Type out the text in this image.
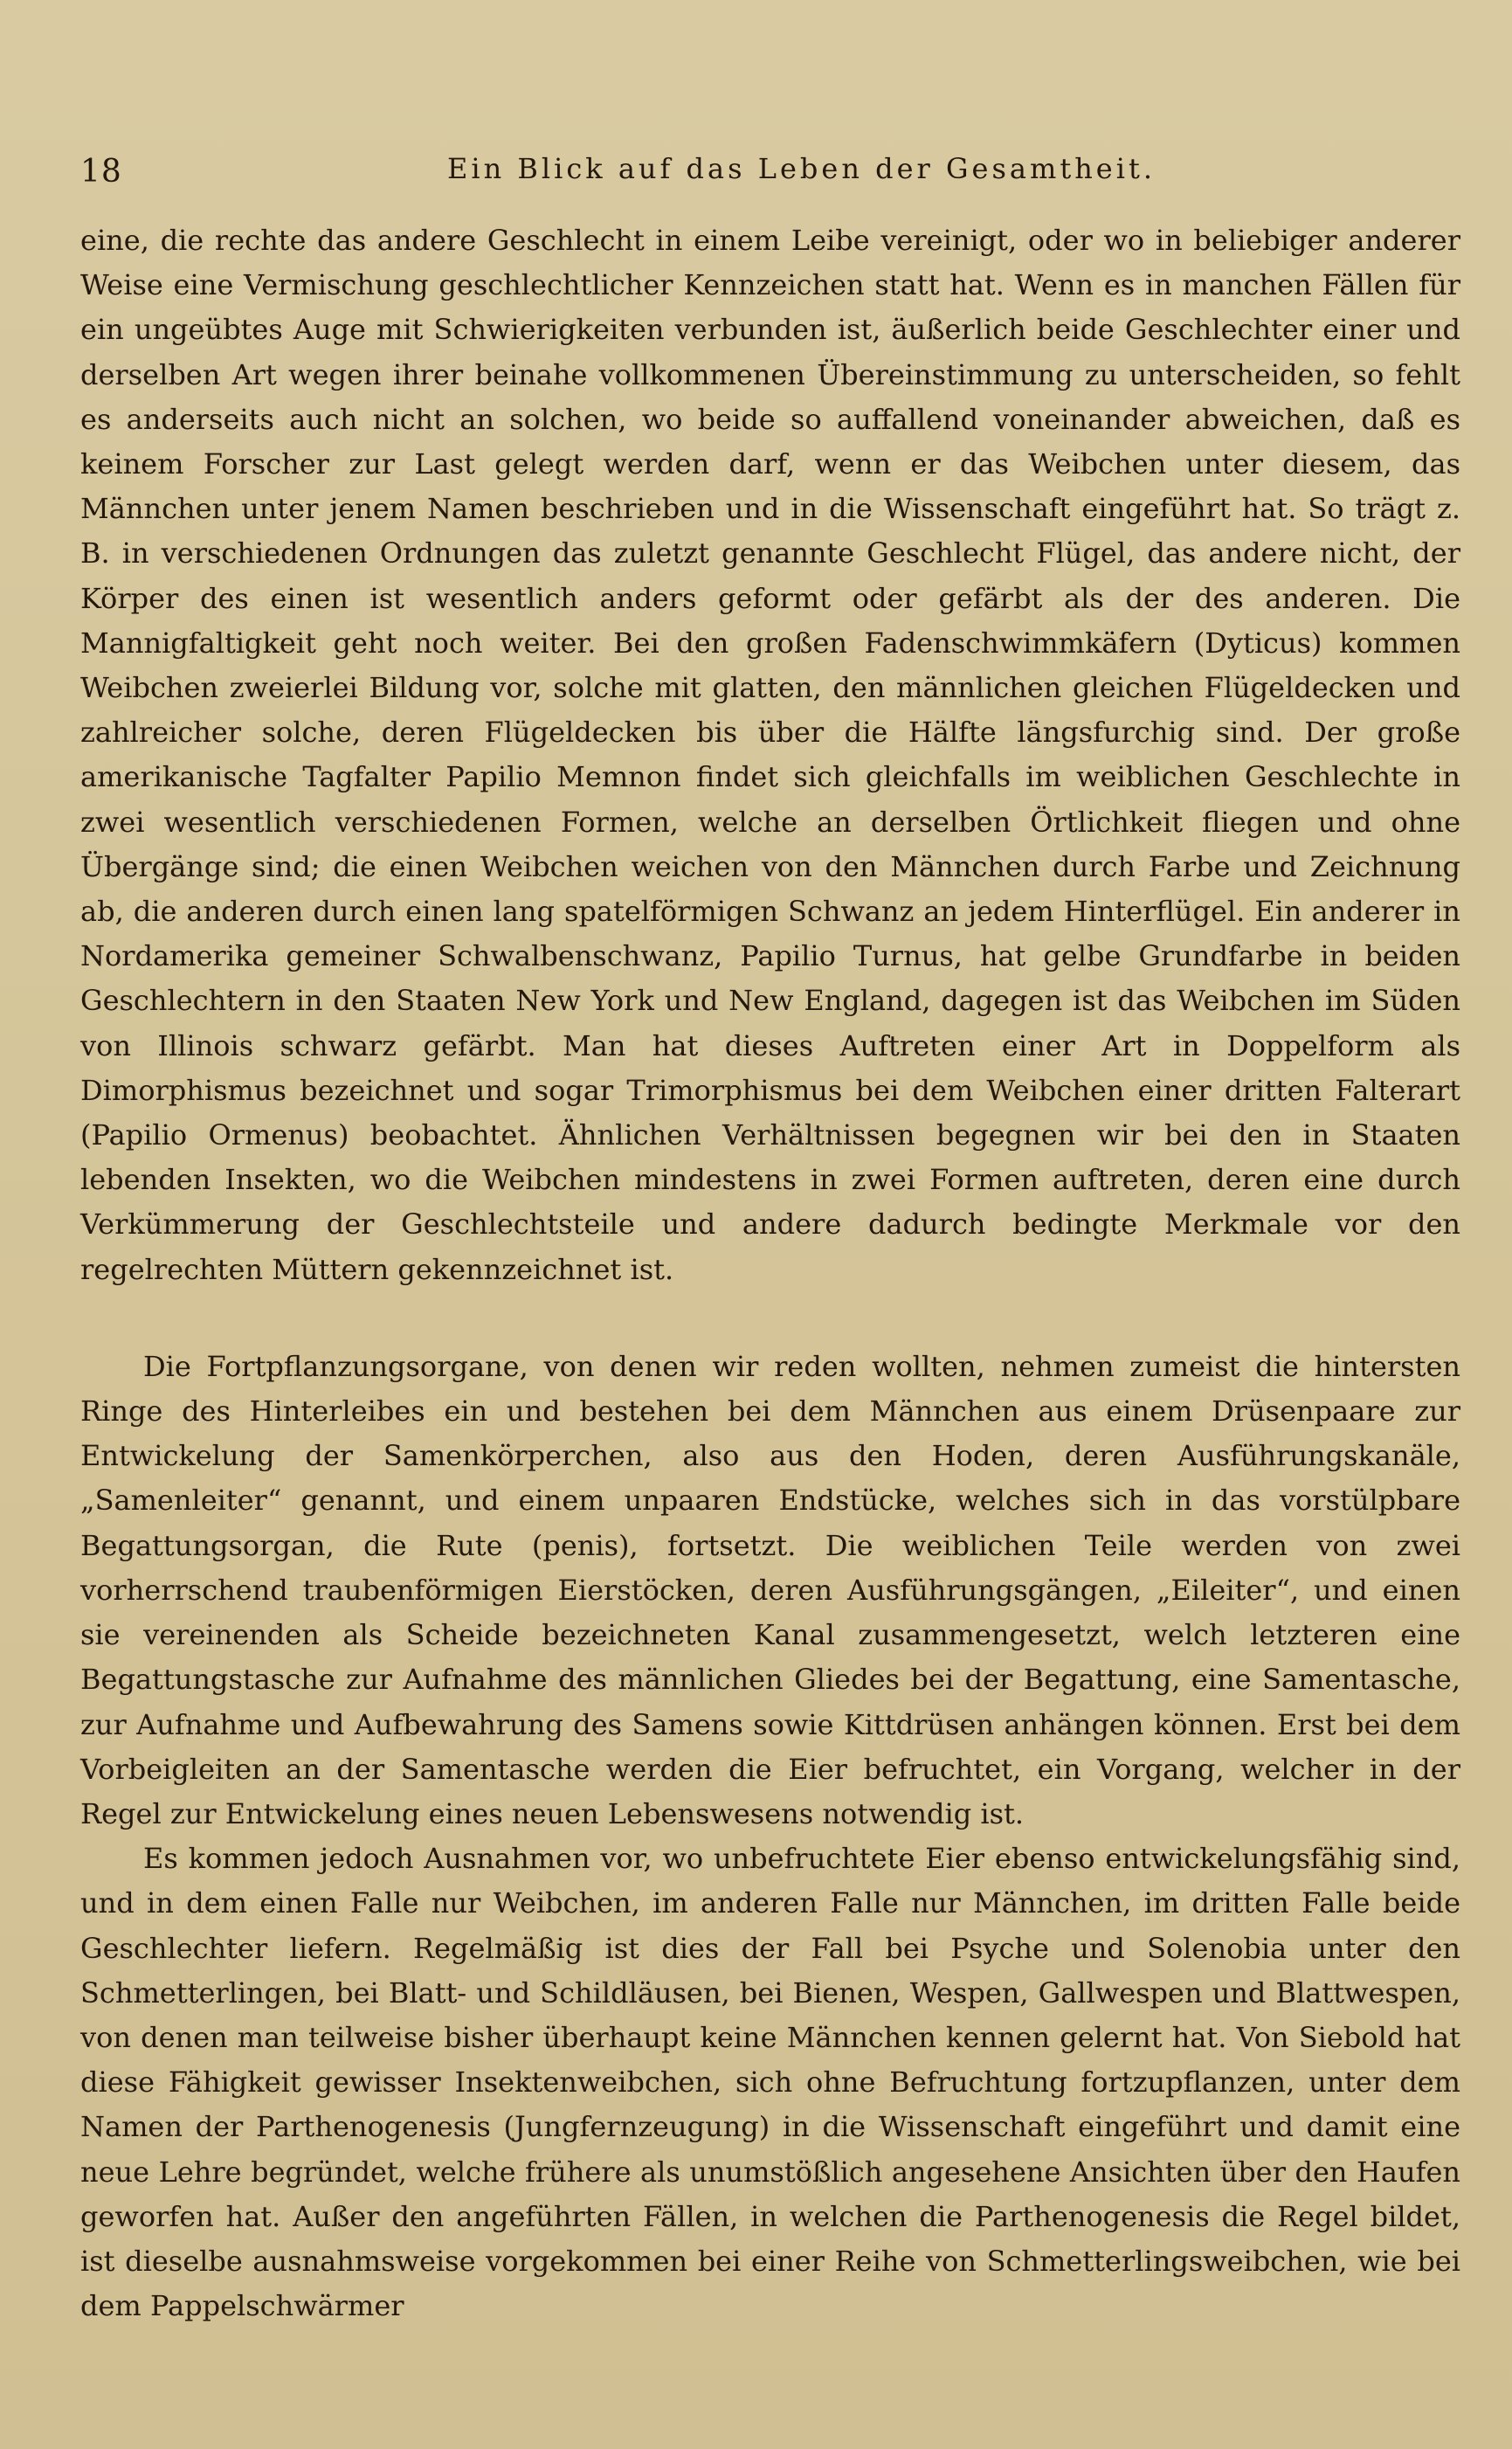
18	Ein Blick auf das Leben der Gesamtheit.

eine, die rechte das andere Geschlecht in einem Leibe vereinigt, oder wo in beliebiger anderer Weise eine Vermischung geschlechtlicher Kennzeichen statt hat. Wenn es in manchen Fällen für ein ungeübtes Auge mit Schwierigkeiten verbunden ist, äußerlich beide Geschlechter einer und derselben Art wegen ihrer beinahe vollkommenen Übereinstimmung zu unterscheiden, so fehlt es anderseits auch nicht an solchen, wo beide so auffallend voneinander abweichen, daß es keinem Forscher zur Last gelegt werden darf, wenn er das Weibchen unter diesem, das Männchen unter jenem Namen beschrieben und in die Wissenschaft eingeführt hat. So trägt z. B. in verschiedenen Ordnungen das zuletzt genannte Geschlecht Flügel, das andere nicht, der Körper des einen ist wesentlich anders geformt oder gefärbt als der des anderen. Die Mannigfaltigkeit geht noch weiter. Bei den großen Fadenschwimmkäfern (Dyticus) kommen Weibchen zweierlei Bildung vor, solche mit glatten, den männlichen gleichen Flügeldecken und zahlreicher solche, deren Flügeldecken bis über die Hälfte längsfurchig sind. Der große amerikanische Tagfalter Papilio Memnon findet sich gleichfalls im weiblichen Geschlechte in zwei wesentlich verschiedenen Formen, welche an derselben Örtlichkeit fliegen und ohne Übergänge sind; die einen Weibchen weichen von den Männchen durch Farbe und Zeichnung ab, die anderen durch einen lang spatelförmigen Schwanz an jedem Hinterflügel. Ein anderer in Nordamerika gemeiner Schwalbenschwanz, Papilio Turnus, hat gelbe Grundfarbe in beiden Geschlechtern in den Staaten New York und New England, dagegen ist das Weibchen im Süden von Illinois schwarz gefärbt. Man hat dieses Auftreten einer Art in Doppelform als Dimorphismus bezeichnet und sogar Trimorphismus bei dem Weibchen einer dritten Falterart (Papilio Ormenus) beobachtet. Ähnlichen Verhältnissen begegnen wir bei den in Staaten lebenden Insekten, wo die Weibchen mindestens in zwei Formen auftreten, deren eine durch Verkümmerung der Geschlechtsteile und andere dadurch bedingte Merkmale vor den regelrechten Müttern gekennzeichnet ist.

Die Fortpflanzungsorgane, von denen wir reden wollten, nehmen zumeist die hintersten Ringe des Hinterleibes ein und bestehen bei dem Männchen aus einem Drüsenpaare zur Entwickelung der Samenkörperchen, also aus den Hoden, deren Ausführungskanäle, „Samenleiter“ genannt, und einem unpaaren Endstücke, welches sich in das vorstülpbare Begattungsorgan, die Rute (penis), fortsetzt. Die weiblichen Teile werden von zwei vorherrschend traubenförmigen Eierstöcken, deren Ausführungsgängen, „Eileiter“, und einen sie vereinenden als Scheide bezeichneten Kanal zusammengesetzt, welch letzteren eine Begattungstasche zur Aufnahme des männlichen Gliedes bei der Begattung, eine Samentasche, zur Aufnahme und Aufbewahrung des Samens sowie Kittdrüsen anhängen können. Erst bei dem Vorbeigleiten an der Samentasche werden die Eier befruchtet, ein Vorgang, welcher in der Regel zur Entwickelung eines neuen Lebenswesens notwendig ist.

Es kommen jedoch Ausnahmen vor, wo unbefruchtete Eier ebenso entwickelungsfähig sind, und in dem einen Falle nur Weibchen, im anderen Falle nur Männchen, im dritten Falle beide Geschlechter liefern. Regelmäßig ist dies der Fall bei Psyche und Solenobia unter den Schmetterlingen, bei Blatt- und Schildläusen, bei Bienen, Wespen, Gallwespen und Blattwespen, von denen man teilweise bisher überhaupt keine Männchen kennen gelernt hat. Von Siebold hat diese Fähigkeit gewisser Insektenweibchen, sich ohne Befruchtung fortzupflanzen, unter dem Namen der Parthenogenesis (Jungfernzeugung) in die Wissenschaft eingeführt und damit eine neue Lehre begründet, welche frühere als unumstößlich angesehene Ansichten über den Haufen geworfen hat. Außer den angeführten Fällen, in welchen die Parthenogenesis die Regel bildet, ist dieselbe ausnahmsweise vorgekommen bei einer Reihe von Schmetterlingsweibchen, wie bei dem Pappelschwärmer
